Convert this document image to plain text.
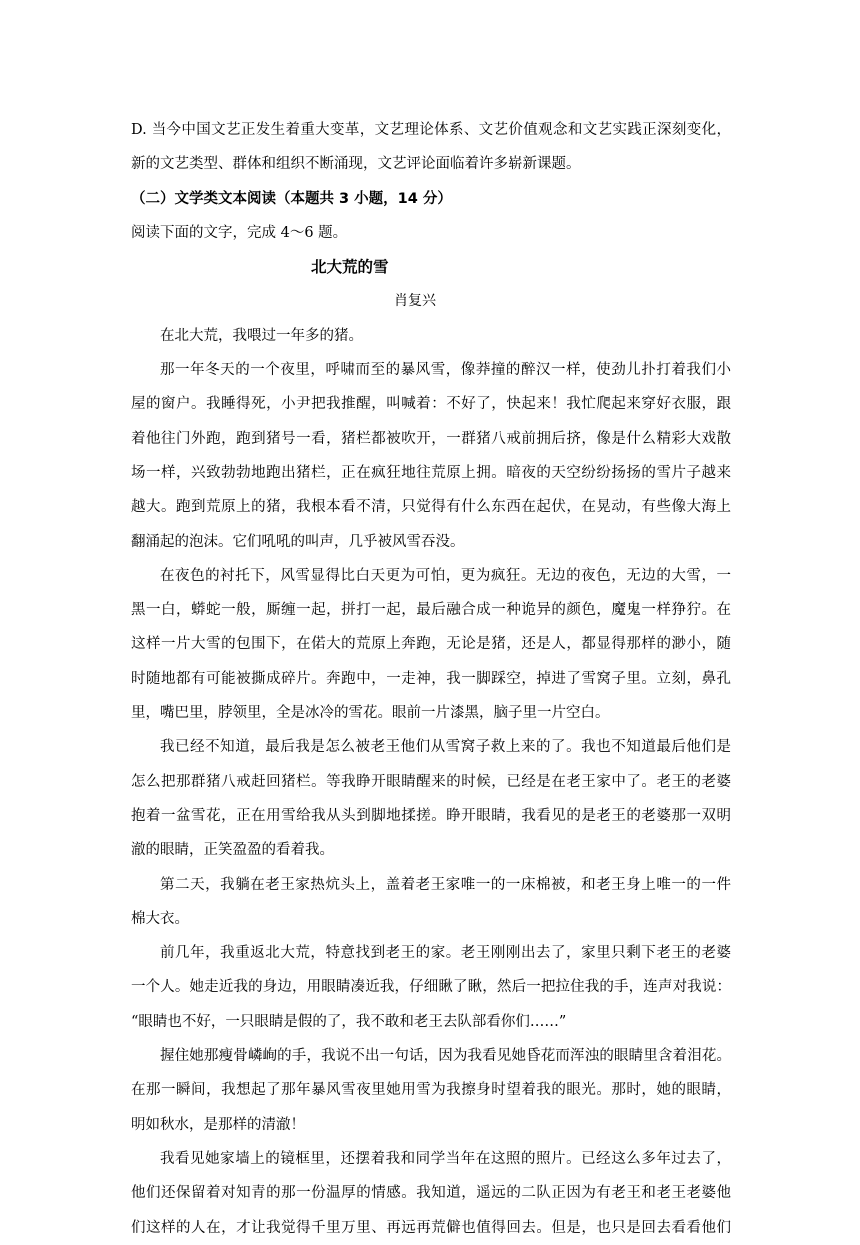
D. 当今中国文艺正发生着重大变革，文艺理论体系、文艺价值观念和文艺实践正深刻变化，

新的文艺类型、群体和组织不断涌现，文艺评论面临着许多崭新课题。

（二）文学类文本阅读（本题共 3 小题，14 分）

阅读下面的文字，完成 4～6 题。

北大荒的雪

肖复兴

在北大荒，我喂过一年多的猪。

那一年冬天的一个夜里，呼啸而至的暴风雪，像莽撞的醉汉一样，使劲儿扑打着我们小

屋的窗户。我睡得死，小尹把我推醒，叫喊着：不好了，快起来！我忙爬起来穿好衣服，跟

着他往门外跑，跑到猪号一看，猪栏都被吹开，一群猪八戒前拥后挤，像是什么精彩大戏散

场一样，兴致勃勃地跑出猪栏，正在疯狂地往荒原上拥。暗夜的天空纷纷扬扬的雪片子越来

越大。跑到荒原上的猪，我根本看不清，只觉得有什么东西在起伏，在晃动，有些像大海上

翻涌起的泡沫。它们吼吼的叫声，几乎被风雪吞没。

在夜色的衬托下，风雪显得比白天更为可怕，更为疯狂。无边的夜色，无边的大雪，一

黑一白，蟒蛇一般，厮缠一起，拼打一起，最后融合成一种诡异的颜色，魔鬼一样狰狞。在

这样一片大雪的包围下，在偌大的荒原上奔跑，无论是猪，还是人，都显得那样的渺小，随

时随地都有可能被撕成碎片。奔跑中，一走神，我一脚踩空，掉进了雪窝子里。立刻，鼻孔

里，嘴巴里，脖领里，全是冰冷的雪花。眼前一片漆黑，脑子里一片空白。

我已经不知道，最后我是怎么被老王他们从雪窝子救上来的了。我也不知道最后他们是

怎么把那群猪八戒赶回猪栏。等我睁开眼睛醒来的时候，已经是在老王家中了。老王的老婆

抱着一盆雪花，正在用雪给我从头到脚地揉搓。睁开眼睛，我看见的是老王的老婆那一双明

澈的眼睛，正笑盈盈的看着我。

第二天，我躺在老王家热炕头上，盖着老王家唯一的一床棉被，和老王身上唯一的一件

棉大衣。

前几年，我重返北大荒，特意找到老王的家。老王刚刚出去了，家里只剩下老王的老婆

一个人。她走近我的身边，用眼睛凑近我，仔细瞅了瞅，然后一把拉住我的手，连声对我说：

“眼睛也不好，一只眼睛是假的了，我不敢和老王去队部看你们……”

握住她那瘦骨嶙峋的手，我说不出一句话，因为我看见她昏花而浑浊的眼睛里含着泪花。

在那一瞬间，我想起了那年暴风雪夜里她用雪为我擦身时望着我的眼光。那时，她的眼睛，

明如秋水，是那样的清澈！

我看见她家墙上的镜框里，还摆着我和同学当年在这照的照片。已经这么多年过去了，

他们还保留着对知青的那一份温厚的情感。我知道，遥远的二队正因为有老王和老王老婆他

们这样的人在，才让我觉得千里万里、再远再荒僻也值得回去。但是，也只是回去看看他们
